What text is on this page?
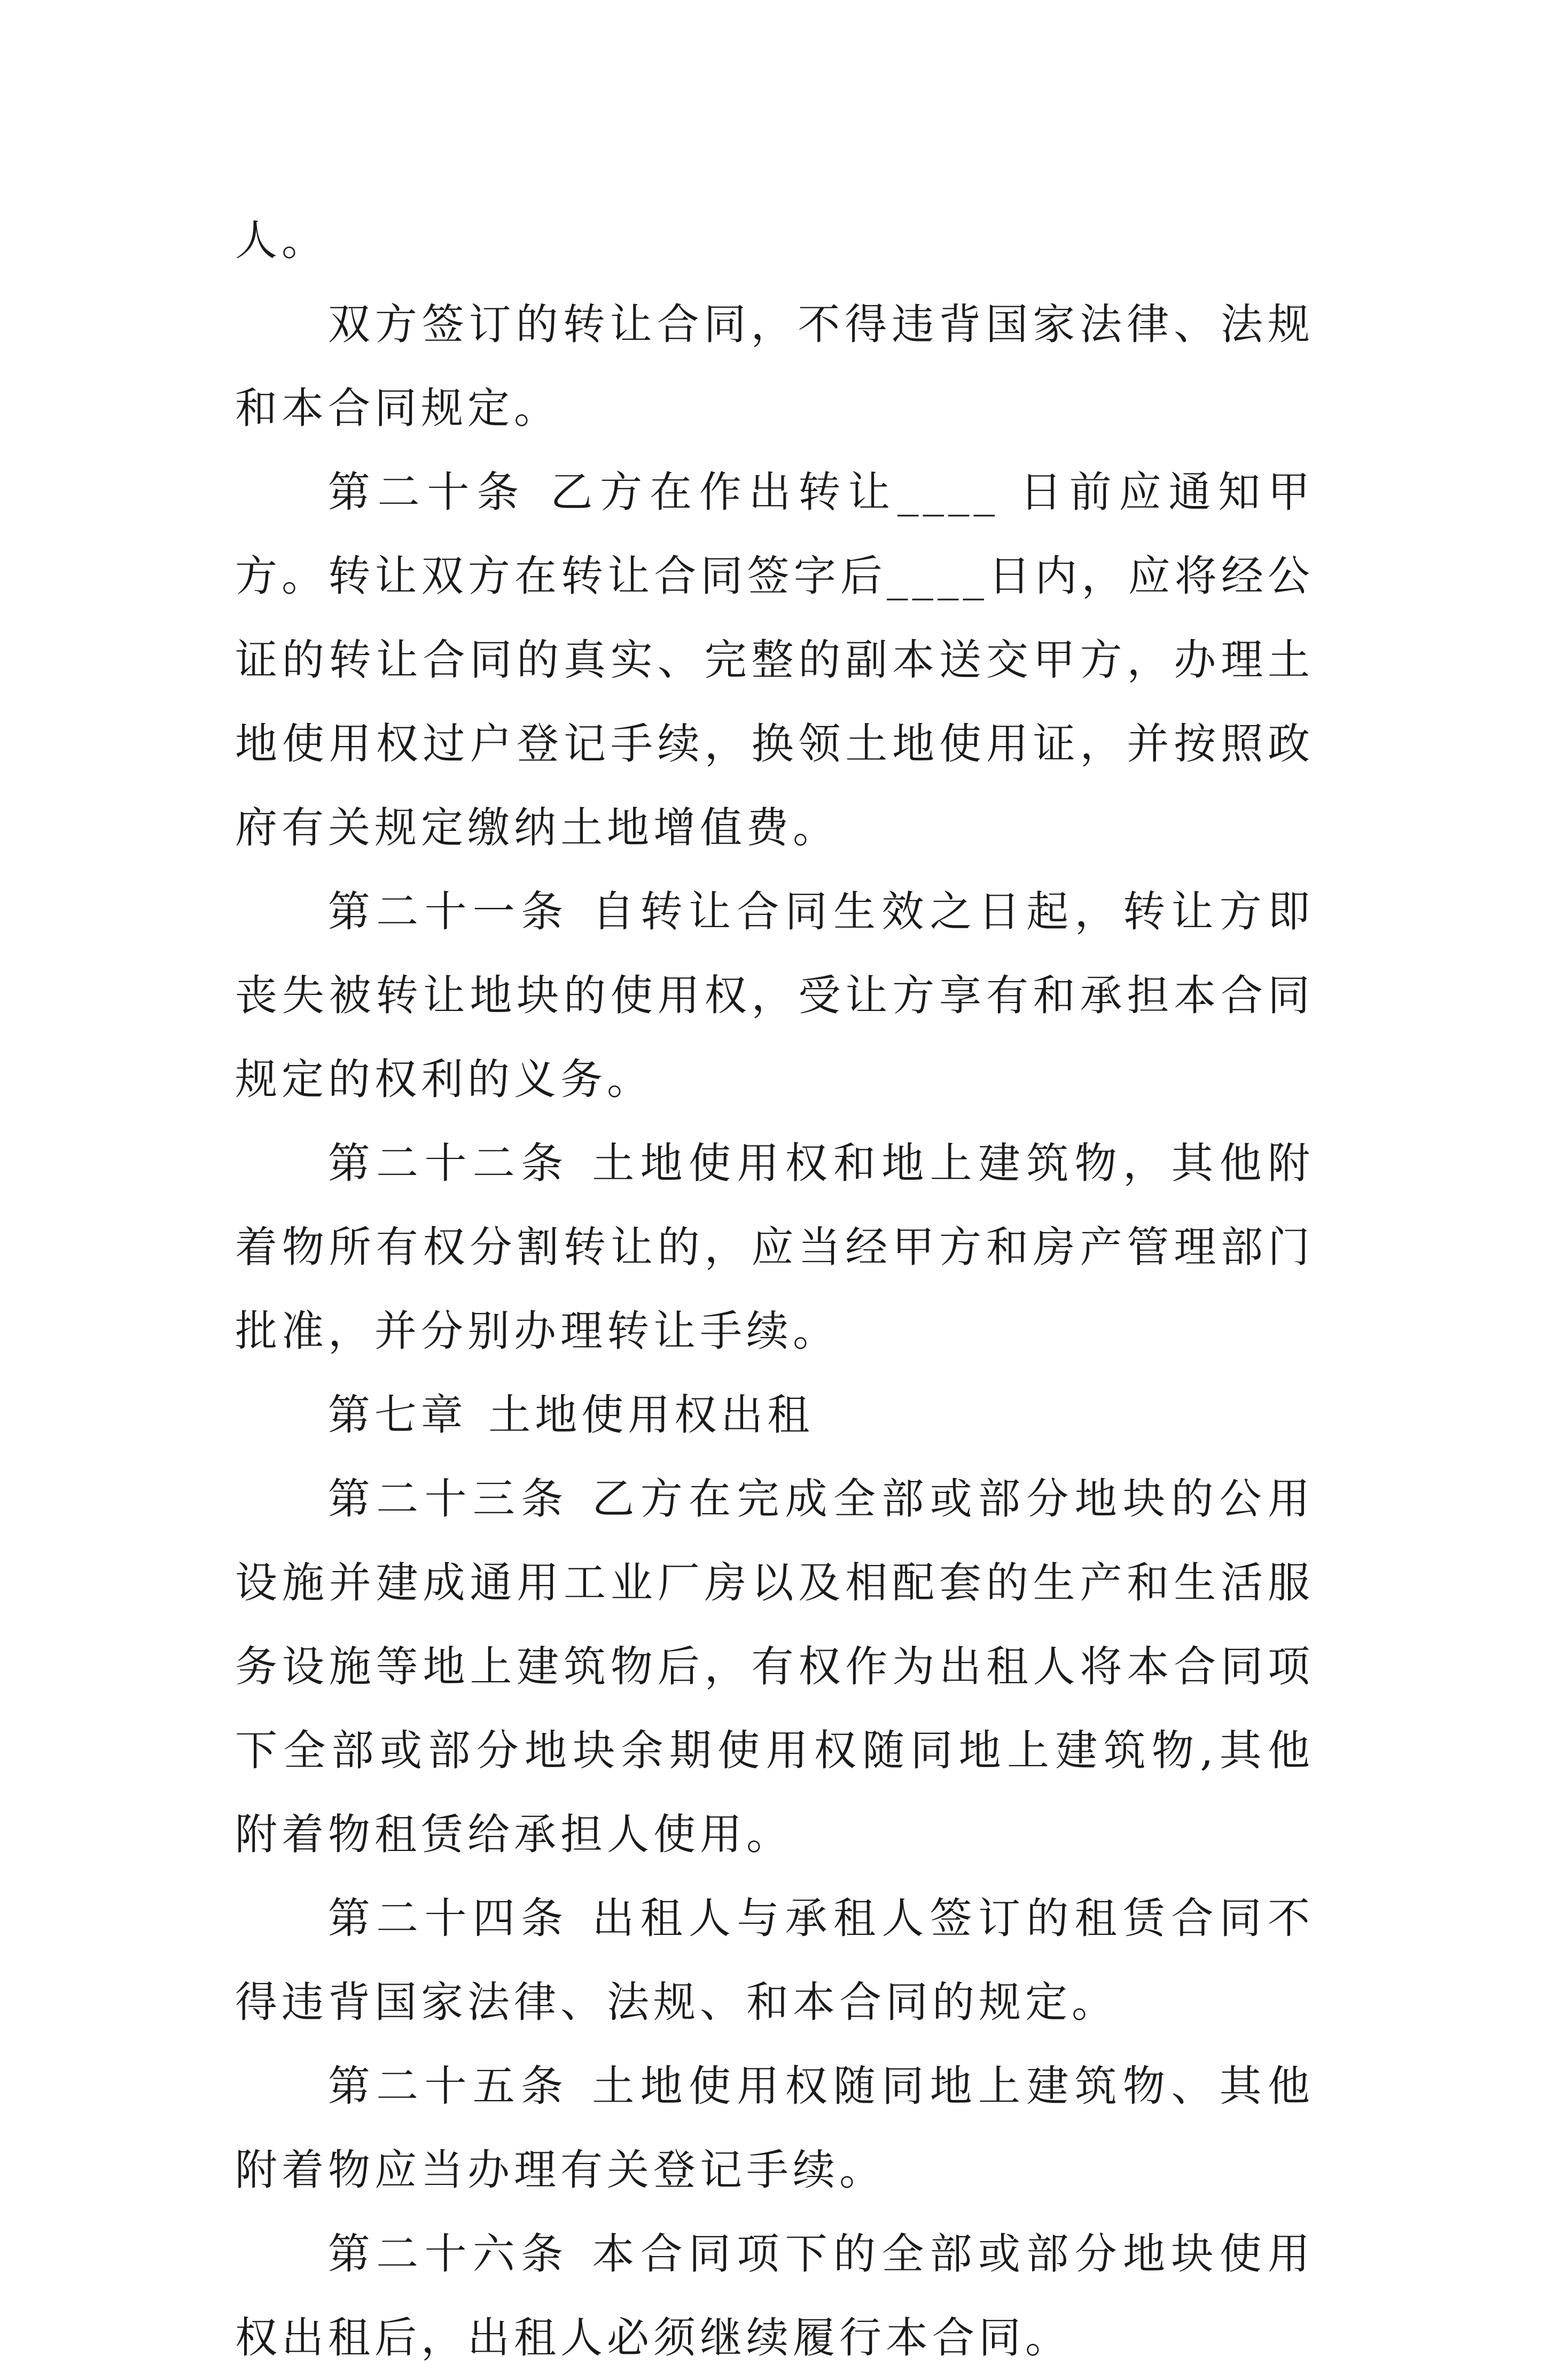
人。

双方签订的转让合同，不得违背国家法律、法规和本合同规定。

第二十条 乙方在作出转让____ 日前应通知甲方。转让双方在转让合同签字后____日内，应将经公证的转让合同的真实、完整的副本送交甲方，办理土地使用权过户登记手续，换领土地使用证，并按照政府有关规定缴纳土地增值费。

第二十一条 自转让合同生效之日起，转让方即丧失被转让地块的使用权，受让方享有和承担本合同规定的权利的义务。

第二十二条 土地使用权和地上建筑物，其他附着物所有权分割转让的，应当经甲方和房产管理部门批准，并分别办理转让手续。

第七章 土地使用权出租

第二十三条 乙方在完成全部或部分地块的公用设施并建成通用工业厂房以及相配套的生产和生活服务设施等地上建筑物后，有权作为出租人将本合同项下全部或部分地块余期使用权随同地上建筑物,其他附着物租赁给承担人使用。

第二十四条 出租人与承租人签订的租赁合同不得违背国家法律、法规、和本合同的规定。

第二十五条 土地使用权随同地上建筑物、其他附着物应当办理有关登记手续。

第二十六条 本合同项下的全部或部分地块使用权出租后，出租人必须继续履行本合同。
